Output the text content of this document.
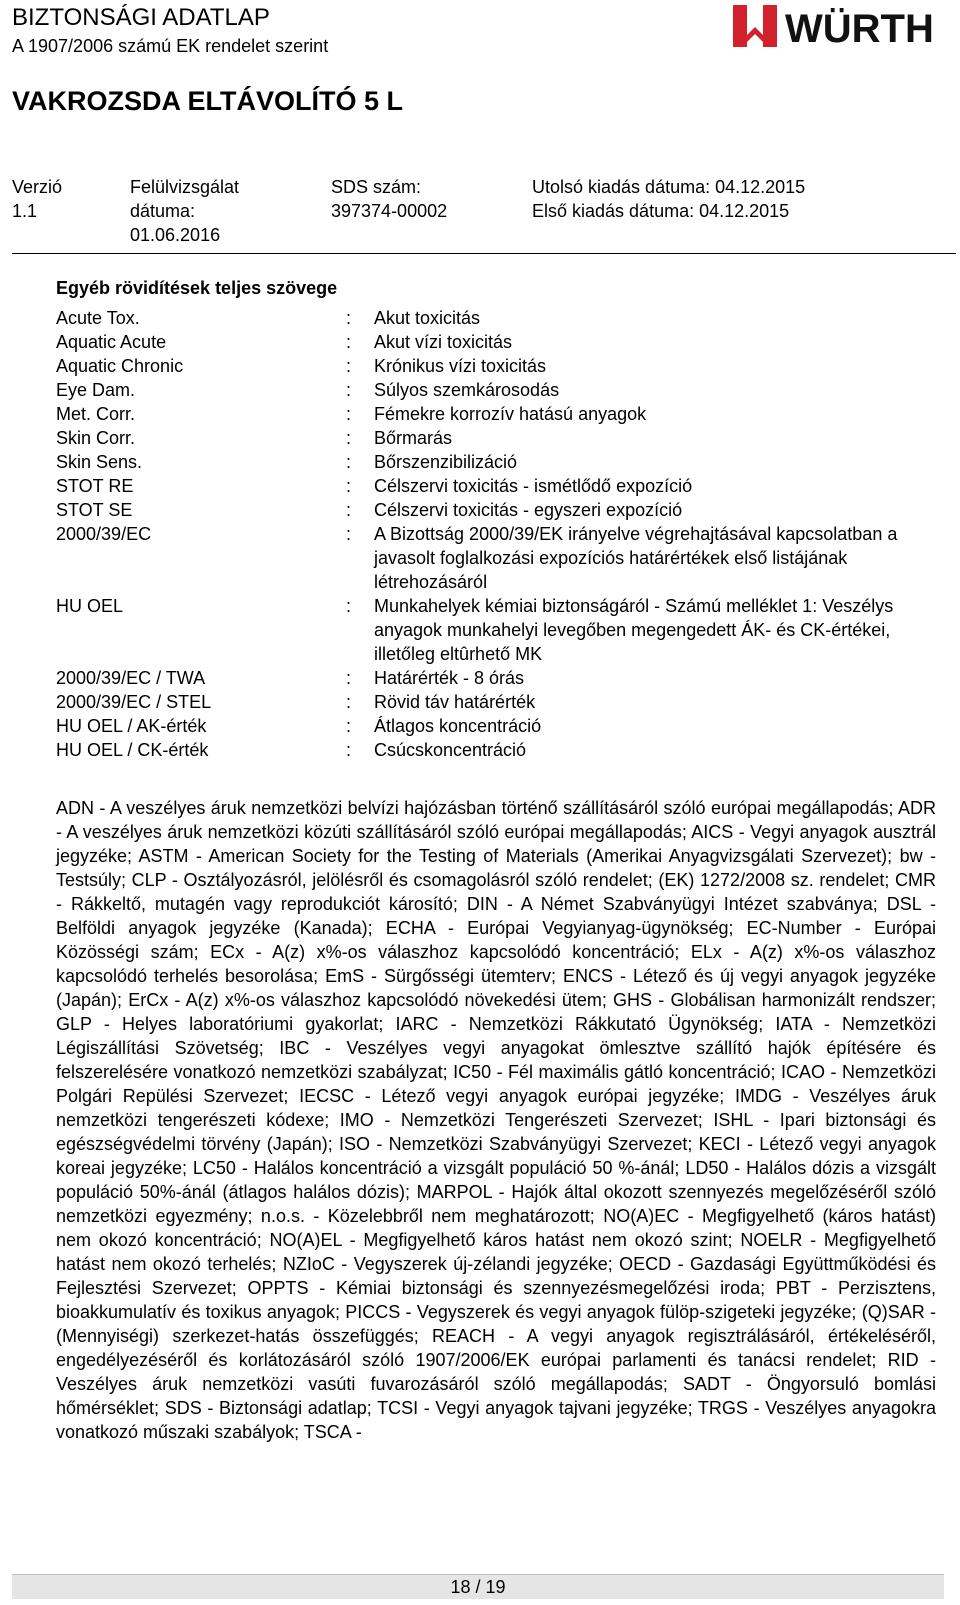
BIZTONSÁGI ADATLAP
A 1907/2006 számú EK rendelet szerint	WÜRTH
VAKROZSDA ELTÁVOLÍTÓ 5 L
Verzió
1.1
Felülvizsgálat
dátuma:
01.06.2016
SDS szám:
397374-00002
Utolsó kiadás dátuma: 04.12.2015
Első kiadás dátuma: 04.12.2015
Egyéb rövidítések teljes szövege
Acute Tox.	:	Akut toxicitás
Aquatic Acute	:	Akut vízi toxicitás
Aquatic Chronic	:	Krónikus vízi toxicitás
Eye Dam.	:	Súlyos szemkárosodás
Met. Corr.	:	Fémekre korrozív hatású anyagok
Skin Corr.	:	Bőrmarás
Skin Sens.	:	Bőrszenzibilizáció
STOT RE	:	Célszervi toxicitás - ismétlődő expozíció
STOT SE	:	Célszervi toxicitás - egyszeri expozíció
2000/39/EC	:	A Bizottság 2000/39/EK irányelve végrehajtásával kapcsolatban a javasolt foglalkozási expozíciós határértékek első listájának létrehozásáról
HU OEL	:	Munkahelyek kémiai biztonságáról - Számú melléklet 1: Veszélys anyagok munkahelyi levegőben megengedett ÁK- és CK-értékei, illetőleg eltûrhető MK
2000/39/EC / TWA	:	Határérték - 8 órás
2000/39/EC / STEL	:	Rövid táv határérték
HU OEL / AK-érték	:	Átlagos koncentráció
HU OEL / CK-érték	:	Csúcskoncentráció

ADN - A veszélyes áruk nemzetközi belvízi hajózásban történő szállításáról szóló európai megállapodás; ADR - A veszélyes áruk nemzetközi közúti szállításáról szóló európai megállapodás; AICS - Vegyi anyagok ausztrál jegyzéke; ASTM - American Society for the Testing of Materials (Amerikai Anyagvizsgálati Szervezet); bw - Testsúly; CLP - Osztályozásról, jelölésről és csomagolásról szóló rendelet; (EK) 1272/2008 sz. rendelet; CMR - Rákkeltő, mutagén vagy reprodukciót károsító; DIN - A Német Szabványügyi Intézet szabványa; DSL - Belföldi anyagok jegyzéke (Kanada); ECHA - Európai Vegyianyag-ügynökség; EC-Number - Európai Közösségi szám; ECx - A(z) x%-os válaszhoz kapcsolódó koncentráció; ELx - A(z) x%-os válaszhoz kapcsolódó terhelés besorolása; EmS - Sürgősségi ütemterv; ENCS - Létező és új vegyi anyagok jegyzéke (Japán); ErCx - A(z) x%-os válaszhoz kapcsolódó növekedési ütem; GHS - Globálisan harmonizált rendszer; GLP - Helyes laboratóriumi gyakorlat; IARC - Nemzetközi Rákkutató Ügynökség; IATA - Nemzetközi Légiszállítási Szövetség; IBC - Veszélyes vegyi anyagokat ömlesztve szállító hajók építésére és felszerelésére vonatkozó nemzetközi szabályzat; IC50 - Fél maximális gátló koncentráció; ICAO - Nemzetközi Polgári Repülési Szervezet; IECSC - Létező vegyi anyagok európai jegyzéke; IMDG - Veszélyes áruk nemzetközi tengerészeti kódexe; IMO - Nemzetközi Tengerészeti Szervezet; ISHL - Ipari biztonsági és egészségvédelmi törvény (Japán); ISO - Nemzetközi Szabványügyi Szervezet; KECI - Létező vegyi anyagok koreai jegyzéke; LC50 - Halálos koncentráció a vizsgált populáció 50 %-ánál; LD50 - Halálos dózis a vizsgált populáció 50%-ánál (átlagos halálos dózis); MARPOL - Hajók által okozott szennyezés megelőzéséről szóló nemzetközi egyezmény; n.o.s. - Közelebbről nem meghatározott; NO(A)EC - Megfigyelhető (káros hatást) nem okozó koncentráció; NO(A)EL - Megfigyelhető káros hatást nem okozó szint; NOELR - Megfigyelhető hatást nem okozó terhelés; NZIoC - Vegyszerek új-zélandi jegyzéke; OECD - Gazdasági Együttműködési és Fejlesztési Szervezet; OPPTS - Kémiai biztonsági és szennyezésmegelőzési iroda; PBT - Perzisztens, bioakkumulatív és toxikus anyagok; PICCS - Vegyszerek és vegyi anyagok fülöp-szigeteki jegyzéke; (Q)SAR - (Mennyiségi) szerkezet-hatás összefüggés; REACH - A vegyi anyagok regisztrálásáról, értékeléséről, engedélyezéséről és korlátozásáról szóló 1907/2006/EK európai parlamenti és tanácsi rendelet; RID - Veszélyes áruk nemzetközi vasúti fuvarozásáról szóló megállapodás; SADT - Öngyorsuló bomlási hőmérséklet; SDS - Biztonsági adatlap; TCSI - Vegyi anyagok tajvani jegyzéke; TRGS - Veszélyes anyagokra vonatkozó műszaki szabályok; TSCA -

18 / 19
